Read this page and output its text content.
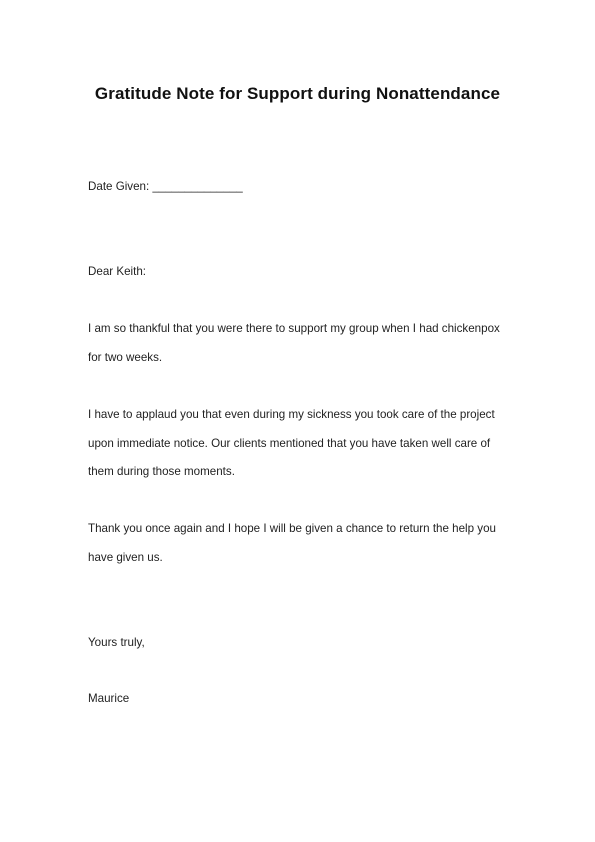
Gratitude Note for Support during Nonattendance
Date Given: ______________
Dear Keith:
I am so thankful that you were there to support my group when I had chickenpox
for two weeks.
I have to applaud you that even during my sickness you took care of the project
upon immediate notice. Our clients mentioned that you have taken well care of
them during those moments.
Thank you once again and I hope I will be given a chance to return the help you
have given us.
Yours truly,
Maurice
